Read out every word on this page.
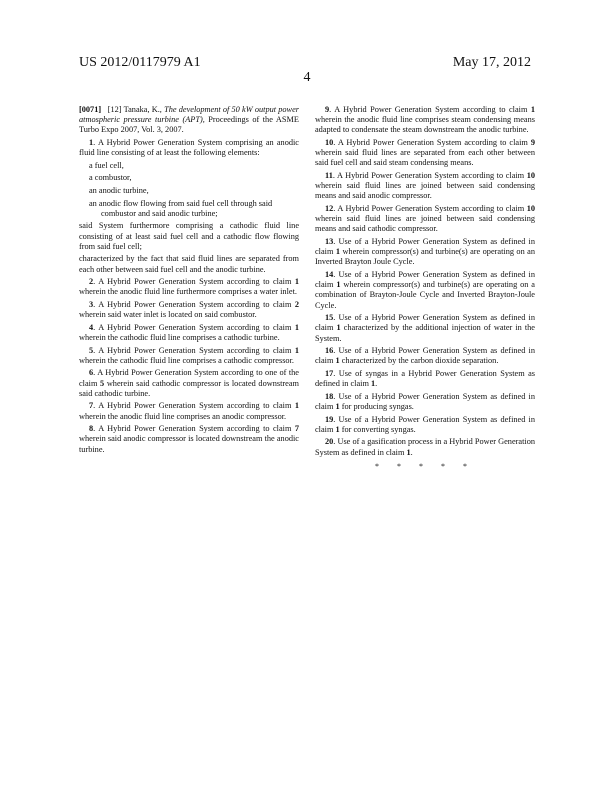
US 2012/0117979 A1	May 17, 2012
4

[0071] [12] Tanaka, K., The development of 50 kW output power atmospheric pressure turbine (APT), Proceedings of the ASME Turbo Expo 2007, Vol. 3, 2007.

1. A Hybrid Power Generation System comprising an anodic fluid line consisting of at least the following elements:

a fuel cell,

a combustor,

an anodic turbine,

an anodic flow flowing from said fuel cell through said
combustor and said anodic turbine;

said System furthermore comprising a cathodic fluid line consisting of at least said fuel cell and a cathodic flow flowing from said fuel cell;

characterized by the fact that said fluid lines are separated from each other between said fuel cell and the anodic turbine.

2. A Hybrid Power Generation System according to claim 1 wherein the anodic fluid line furthermore comprises a water inlet.

3. A Hybrid Power Generation System according to claim 2 wherein said water inlet is located on said combustor.

4. A Hybrid Power Generation System according to claim 1 wherein the cathodic fluid line comprises a cathodic turbine.

5. A Hybrid Power Generation System according to claim 1 wherein the cathodic fluid line comprises a cathodic compressor.

6. A Hybrid Power Generation System according to one of the claim 5 wherein said cathodic compressor is located downstream said cathodic turbine.

7. A Hybrid Power Generation System according to claim 1 wherein the anodic fluid line comprises an anodic compressor.

8. A Hybrid Power Generation System according to claim 7 wherein said anodic compressor is located downstream the anodic turbine.

9. A Hybrid Power Generation System according to claim 1 wherein the anodic fluid line comprises steam condensing means adapted to condensate the steam downstream the anodic turbine.

10. A Hybrid Power Generation System according to claim 9 wherein said fluid lines are separated from each other between said fuel cell and said steam condensing means.

11. A Hybrid Power Generation System according to claim 10 wherein said fluid lines are joined between said condensing means and said anodic compressor.

12. A Hybrid Power Generation System according to claim 10 wherein said fluid lines are joined between said condensing means and said cathodic compressor.

13. Use of a Hybrid Power Generation System as defined in claim 1 wherein compressor(s) and turbine(s) are operating on an Inverted Brayton Joule Cycle.

14. Use of a Hybrid Power Generation System as defined in claim 1 wherein compressor(s) and turbine(s) are operating on a combination of Brayton-Joule Cycle and Inverted Brayton-Joule Cycle.

15. Use of a Hybrid Power Generation System as defined in claim 1 characterized by the additional injection of water in the System.

16. Use of a Hybrid Power Generation System as defined in claim 1 characterized by the carbon dioxide separation.

17. Use of syngas in a Hybrid Power Generation System as defined in claim 1.

18. Use of a Hybrid Power Generation System as defined in claim 1 for producing syngas.

19. Use of a Hybrid Power Generation System as defined in claim 1 for converting syngas.

20. Use of a gasification process in a Hybrid Power Generation System as defined in claim 1.

* * * * *
